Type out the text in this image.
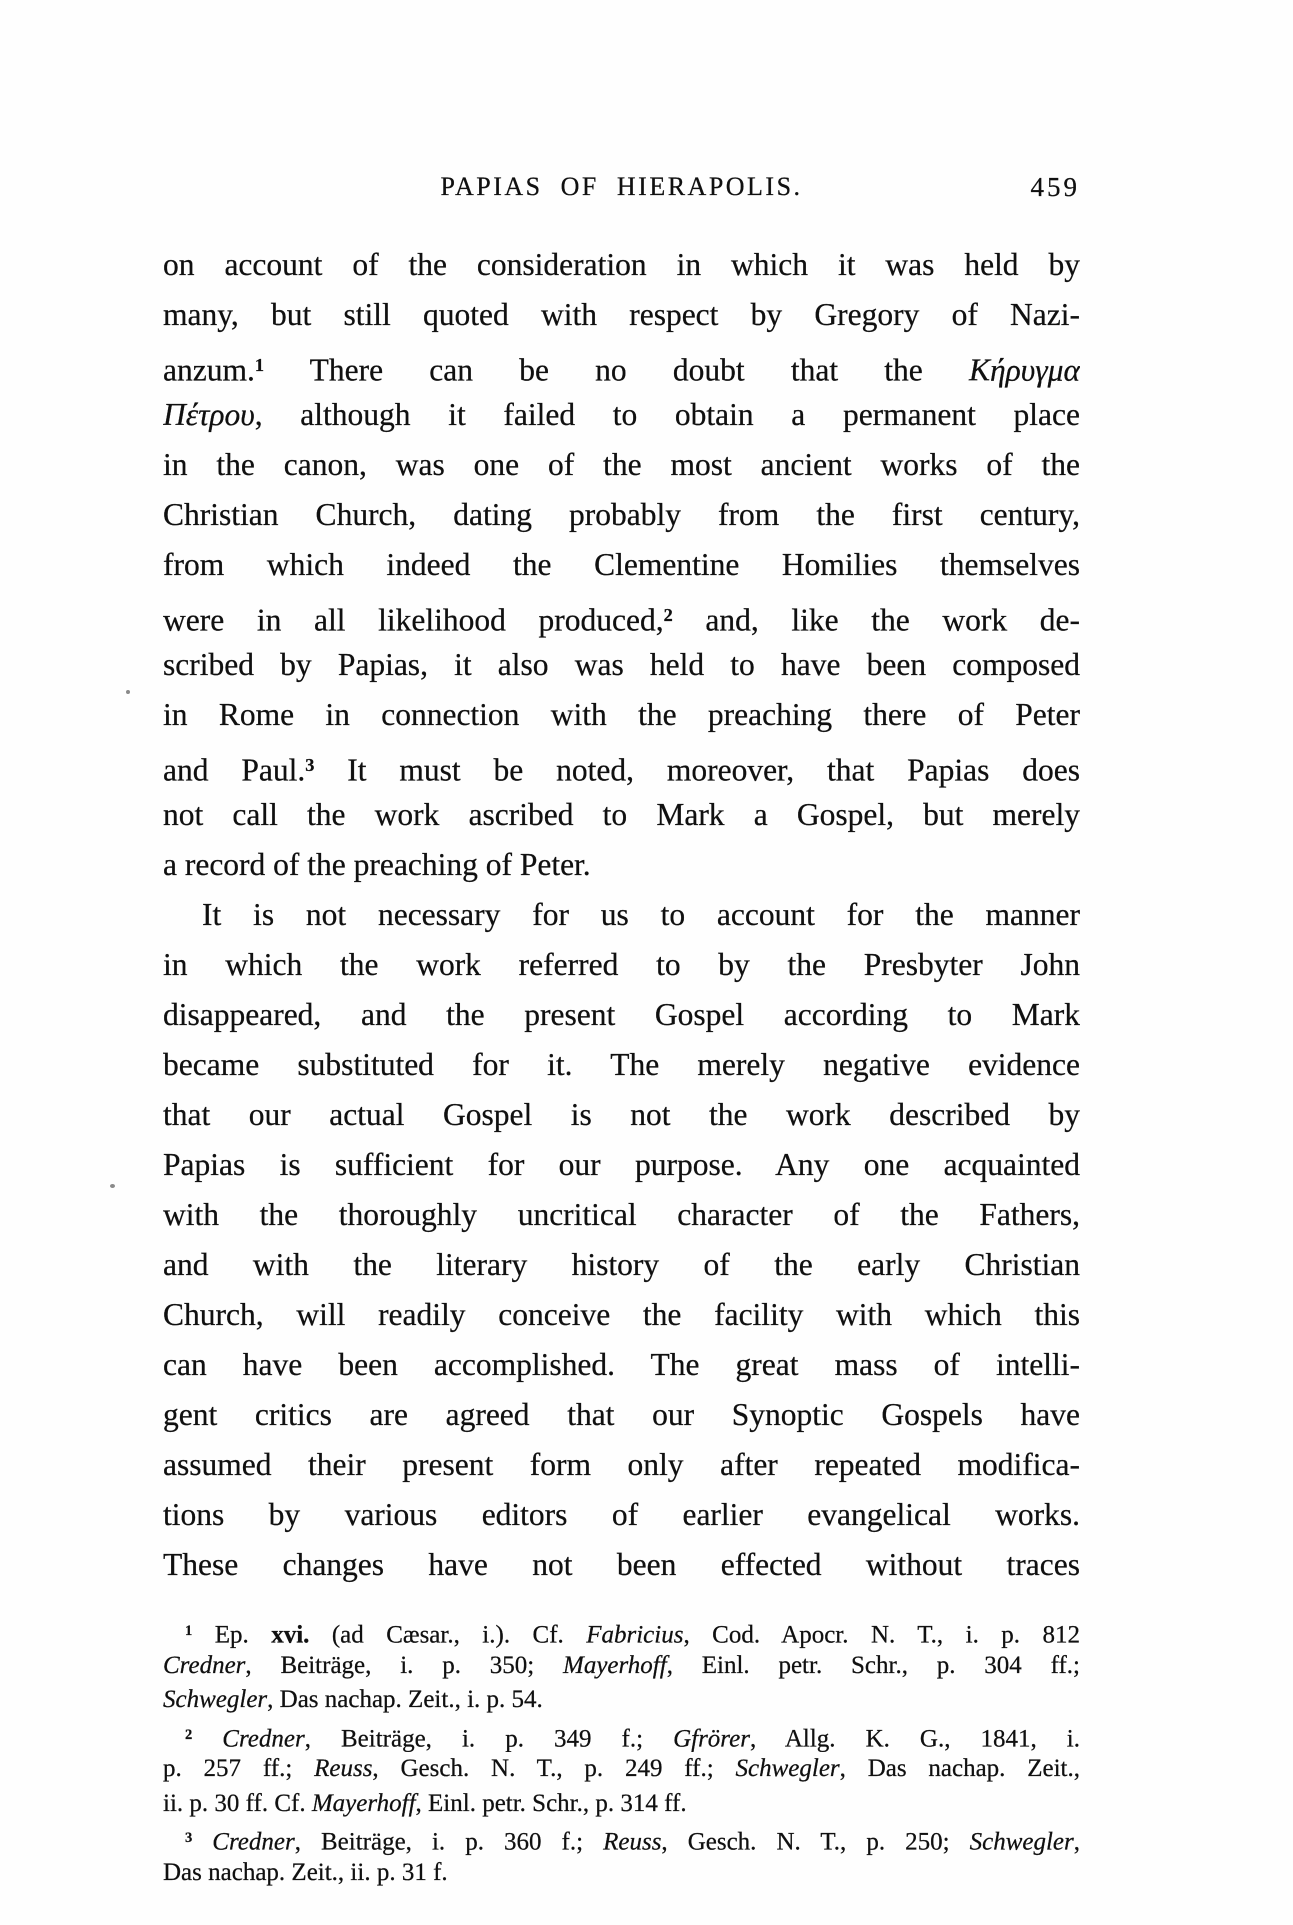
PAPIAS OF HIERAPOLIS.	459
on account of the consideration in which it was held by
many, but still quoted with respect by Gregory of Nazi-
anzum.$^1$ There can be no doubt that the Κήρυγμα
Πέτρου, although it failed to obtain a permanent place
in the canon, was one of the most ancient works of the
Christian Church, dating probably from the first century,
from which indeed the Clementine Homilies themselves
were in all likelihood produced,$^2$ and, like the work de-
scribed by Papias, it also was held to have been composed
in Rome in connection with the preaching there of Peter
and Paul.$^3$ It must be noted, moreover, that Papias does
not call the work ascribed to Mark a Gospel, but merely
a record of the preaching of Peter.
It is not necessary for us to account for the manner
in which the work referred to by the Presbyter John
disappeared, and the present Gospel according to Mark
became substituted for it. The merely negative evidence
that our actual Gospel is not the work described by
Papias is sufficient for our purpose. Any one acquainted
with the thoroughly uncritical character of the Fathers,
and with the literary history of the early Christian
Church, will readily conceive the facility with which this
can have been accomplished. The great mass of intelli-
gent critics are agreed that our Synoptic Gospels have
assumed their present form only after repeated modifica-
tions by various editors of earlier evangelical works.
These changes have not been effected without traces
$^1$ Ep. xvi. (ad Cæsar., i.). Cf. Fabricius, Cod. Apocr. N. T., i. p. 812
Credner, Beiträge, i. p. 350; Mayerhoff, Einl. petr. Schr., p. 304 ff.;
Schwegler, Das nachap. Zeit., i. p. 54.
$^2$ Credner, Beiträge, i. p. 349 f.; Gfrörer, Allg. K. G., 1841, i.
p. 257 ff.; Reuss, Gesch. N. T., p. 249 ff.; Schwegler, Das nachap. Zeit.,
ii. p. 30 ff. Cf. Mayerhoff, Einl. petr. Schr., p. 314 ff.
$^3$ Credner, Beiträge, i. p. 360 f.; Reuss, Gesch. N. T., p. 250; Schwegler,
Das nachap. Zeit., ii. p. 31 f.
